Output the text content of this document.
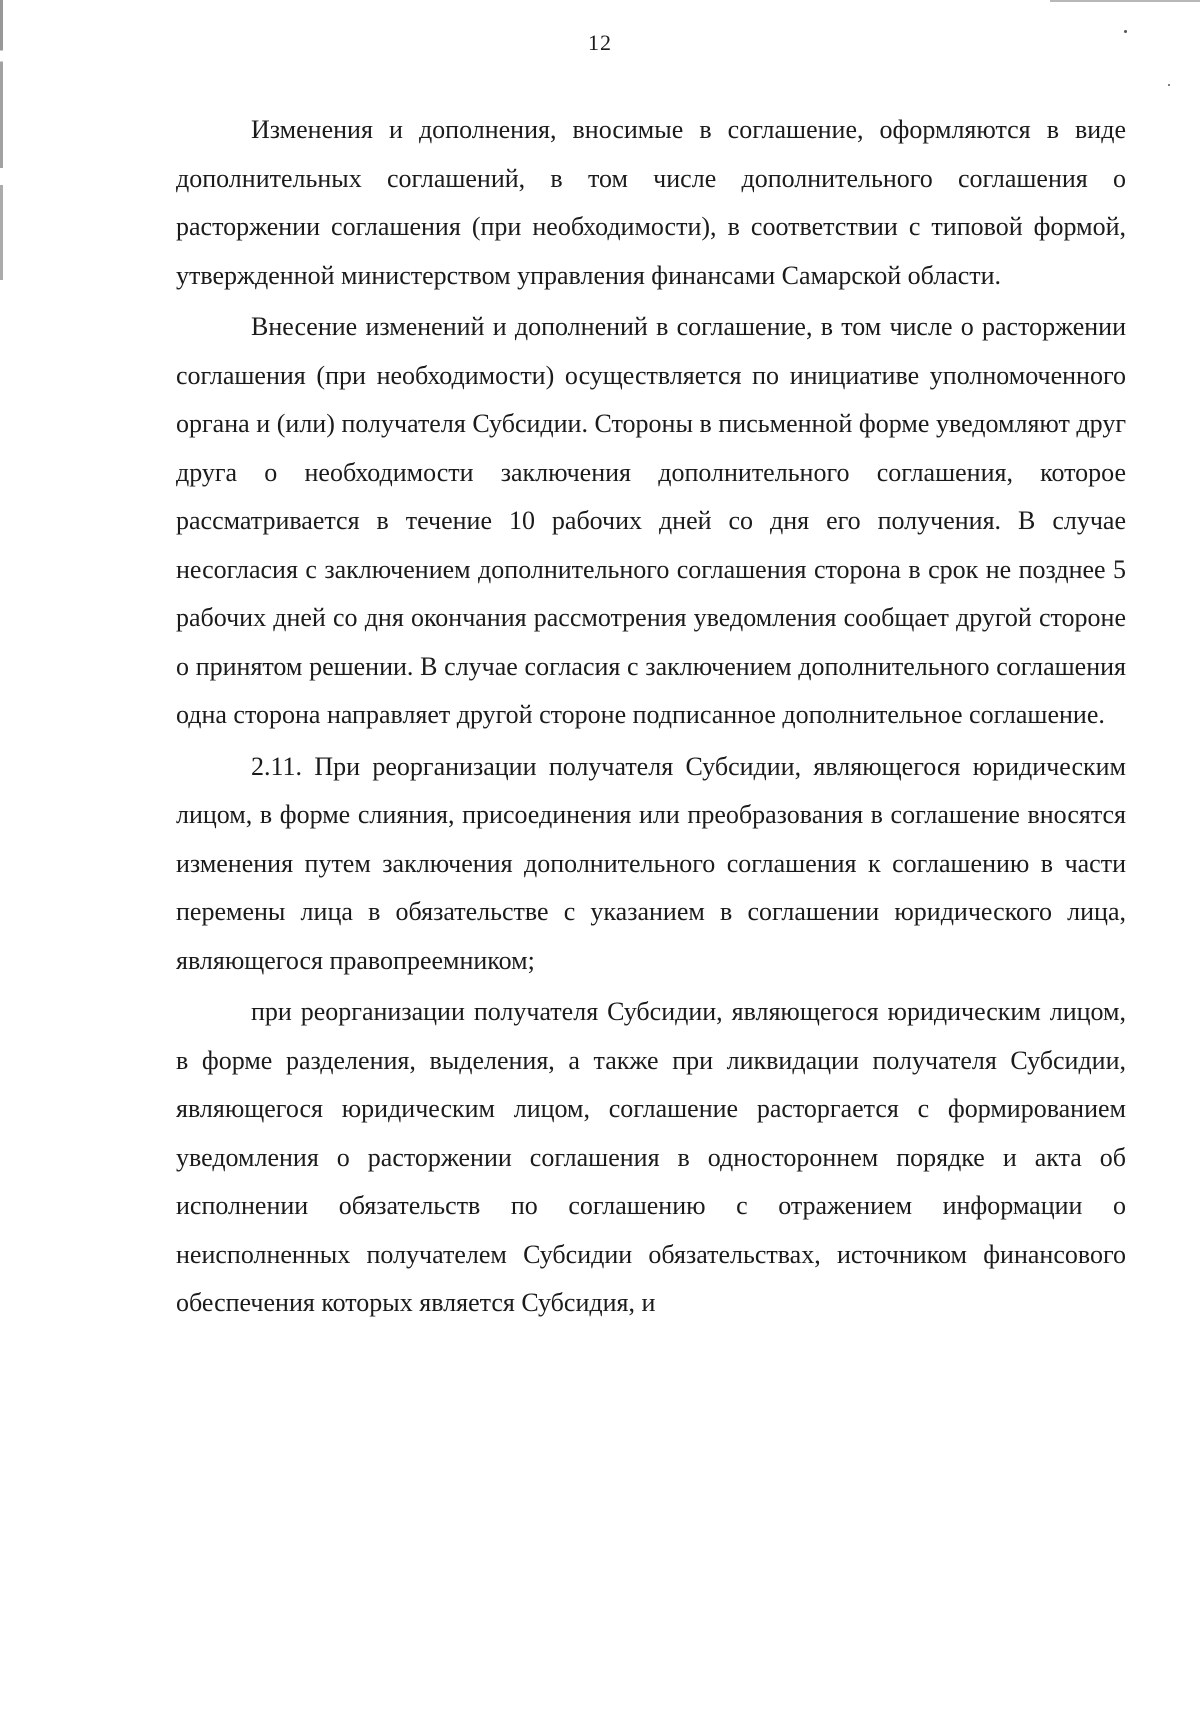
12

Изменения и дополнения, вносимые в соглашение, оформляются в виде дополнительных соглашений, в том числе дополнительного соглашения о расторжении соглашения (при необходимости), в соответствии с типовой формой, утвержденной министерством управления финансами Самарской области.

Внесение изменений и дополнений в соглашение, в том числе о расторжении соглашения (при необходимости) осуществляется по инициативе уполномоченного органа и (или) получателя Субсидии. Стороны в письменной форме уведомляют друг друга о необходимости заключения дополнительного соглашения, которое рассматривается в течение 10 рабочих дней со дня его получения. В случае несогласия с заключением дополнительного соглашения сторона в срок не позднее 5 рабочих дней со дня окончания рассмотрения уведомления сообщает другой стороне о принятом решении. В случае согласия с заключением дополнительного соглашения одна сторона направляет другой стороне подписанное дополнительное соглашение.

2.11. При реорганизации получателя Субсидии, являющегося юридическим лицом, в форме слияния, присоединения или преобразования в соглашение вносятся изменения путем заключения дополнительного соглашения к соглашению в части перемены лица в обязательстве с указанием в соглашении юридического лица, являющегося правопреемником;

при реорганизации получателя Субсидии, являющегося юридическим лицом, в форме разделения, выделения, а также при ликвидации получателя Субсидии, являющегося юридическим лицом, соглашение расторгается с формированием уведомления о расторжении соглашения в одностороннем порядке и акта об исполнении обязательств по соглашению с отражением информации о неисполненных получателем Субсидии обязательствах, источником финансового обеспечения которых является Субсидия, и
